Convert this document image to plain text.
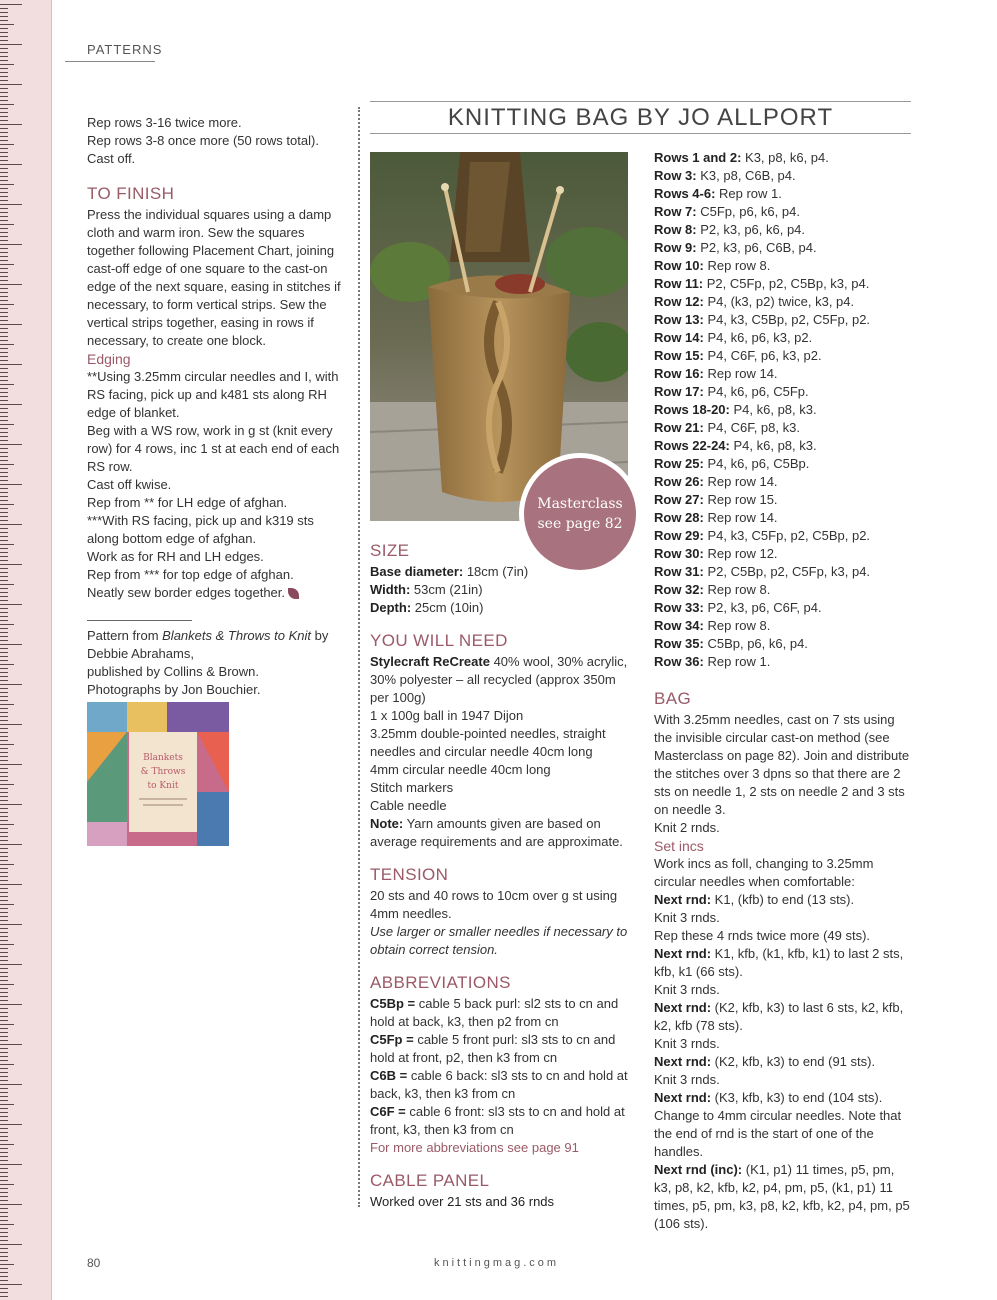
PATTERNS
KNITTING BAG BY JO ALLPORT

Rep rows 3-16 twice more.

Rep rows 3-8 once more (50 rows total).

Cast off.

TO FINISH

Press the individual squares using a damp cloth and warm iron. Sew the squares together following Placement Chart, joining cast-off edge of one square to the cast-on edge of the next square, easing in stitches if necessary, to form vertical strips. Sew the vertical strips together, easing in rows if necessary, to create one block.

Edging

**Using 3.25mm circular needles and I, with RS facing, pick up and k481 sts along RH edge of blanket.

Beg with a WS row, work in g st (knit every row) for 4 rows, inc 1 st at each end of each RS row.

Cast off kwise.

Rep from ** for LH edge of afghan.

***With RS facing, pick up and k319 sts along bottom edge of afghan.

Work as for RH and LH edges.

Rep from *** for top edge of afghan.

Neatly sew border edges together.

Pattern from Blankets & Throws to Knit by Debbie Abrahams,
published by Collins & Brown.
Photographs by Jon Bouchier.

Blankets
& Throws
to Knit
Masterclass
see page 82
SIZE

Base diameter: 18cm (7in)

Width: 53cm (21in)

Depth: 25cm (10in)

YOU WILL NEED

Stylecraft ReCreate 40% wool, 30% acrylic, 30% polyester – all recycled (approx 350m per 100g)

1 x 100g ball in 1947 Dijon

3.25mm double-pointed needles, straight needles and circular needle 40cm long

4mm circular needle 40cm long

Stitch markers

Cable needle

Note: Yarn amounts given are based on average requirements and are approximate.

TENSION

20 sts and 40 rows to 10cm over g st using 4mm needles.

Use larger or smaller needles if necessary to obtain correct tension.

ABBREVIATIONS

C5Bp = cable 5 back purl: sl2 sts to cn and hold at back, k3, then p2 from cn

C5Fp = cable 5 front purl: sl3 sts to cn and hold at front, p2, then k3 from cn

C6B = cable 6 back: sl3 sts to cn and hold at back, k3, then k3 from cn

C6F = cable 6 front: sl3 sts to cn and hold at front, k3, then k3 from cn

For more abbreviations see page 91

CABLE PANEL

Worked over 21 sts and 36 rnds

Rows 1 and 2: K3, p8, k6, p4.

Row 3: K3, p8, C6B, p4.

Rows 4-6: Rep row 1.

Row 7: C5Fp, p6, k6, p4.

Row 8: P2, k3, p6, k6, p4.

Row 9: P2, k3, p6, C6B, p4.

Row 10: Rep row 8.

Row 11: P2, C5Fp, p2, C5Bp, k3, p4.

Row 12: P4, (k3, p2) twice, k3, p4.

Row 13: P4, k3, C5Bp, p2, C5Fp, p2.

Row 14: P4, k6, p6, k3, p2.

Row 15: P4, C6F, p6, k3, p2.

Row 16: Rep row 14.

Row 17: P4, k6, p6, C5Fp.

Rows 18-20: P4, k6, p8, k3.

Row 21: P4, C6F, p8, k3.

Rows 22-24: P4, k6, p8, k3.

Row 25: P4, k6, p6, C5Bp.

Row 26: Rep row 14.

Row 27: Rep row 15.

Row 28: Rep row 14.

Row 29: P4, k3, C5Fp, p2, C5Bp, p2.

Row 30: Rep row 12.

Row 31: P2, C5Bp, p2, C5Fp, k3, p4.

Row 32: Rep row 8.

Row 33: P2, k3, p6, C6F, p4.

Row 34: Rep row 8.

Row 35: C5Bp, p6, k6, p4.

Row 36: Rep row 1.

BAG

With 3.25mm needles, cast on 7 sts using the invisible circular cast-on method (see Masterclass on page 82). Join and distribute the stitches over 3 dpns so that there are 2 sts on needle 1, 2 sts on needle 2 and 3 sts on needle 3.

Knit 2 rnds.

Set incs

Work incs as foll, changing to 3.25mm circular needles when comfortable:

Next rnd: K1, (kfb) to end (13 sts).

Knit 3 rnds.

Rep these 4 rnds twice more (49 sts).

Next rnd: K1, kfb, (k1, kfb, k1) to last 2 sts, kfb, k1 (66 sts).

Knit 3 rnds.

Next rnd: (K2, kfb, k3) to last 6 sts, k2, kfb, k2, kfb (78 sts).

Knit 3 rnds.

Next rnd: (K2, kfb, k3) to end (91 sts).

Knit 3 rnds.

Next rnd: (K3, kfb, k3) to end (104 sts).

Change to 4mm circular needles. Note that the end of rnd is the start of one of the handles.

Next rnd (inc): (K1, p1) 11 times, p5, pm, k3, p8, k2, kfb, k2, p4, pm, p5, (k1, p1) 11 times, p5, pm, k3, p8, k2, kfb, k2, p4, pm, p5 (106 sts).

80	knittingmag.com
